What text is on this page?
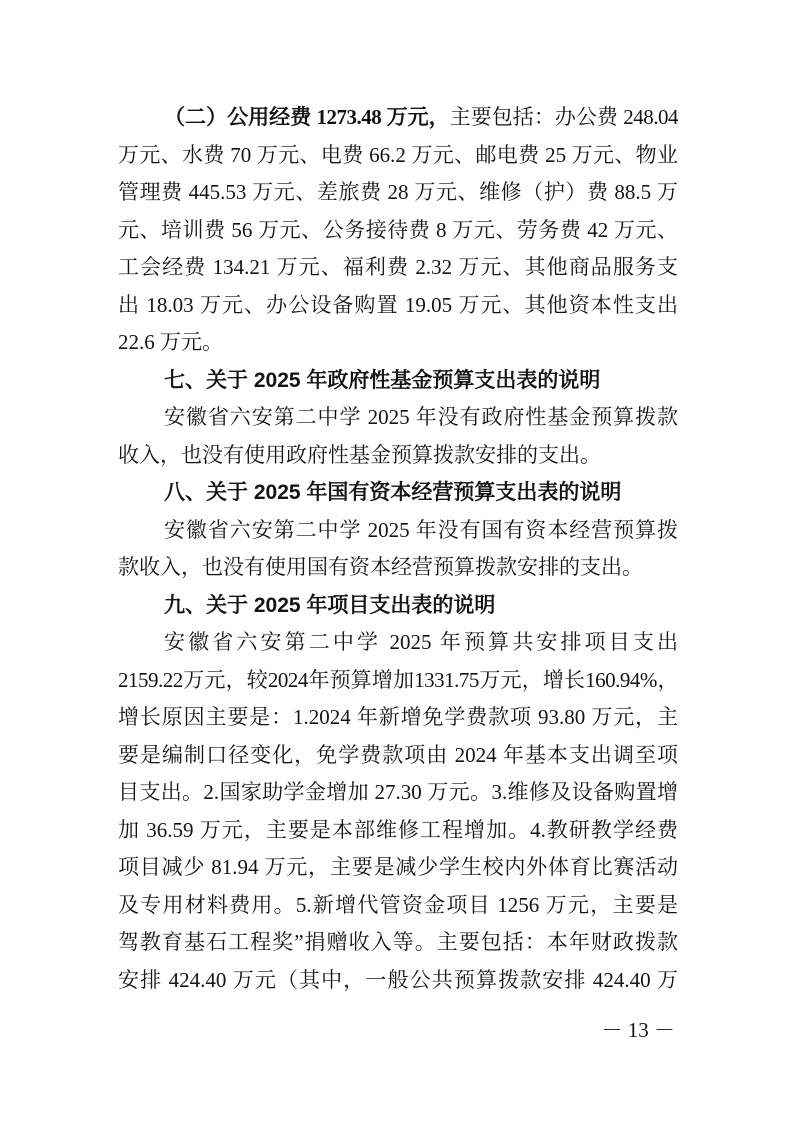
（二）公用经费 1273.48 万元，主要包括：办公费 248.04
万元、水费 70 万元、电费 66.2 万元、邮电费 25 万元、物业
管理费 445.53 万元、差旅费 28 万元、维修（护）费 88.5 万
元、培训费 56 万元、公务接待费 8 万元、劳务费 42 万元、
工会经费 134.21 万元、福利费 2.32 万元、其他商品服务支
出 18.03 万元、办公设备购置 19.05 万元、其他资本性支出
22.6 万元。
七、关于 2025 年政府性基金预算支出表的说明
安徽省六安第二中学 2025 年没有政府性基金预算拨款
收入，也没有使用政府性基金预算拨款安排的支出。
八、关于 2025 年国有资本经营预算支出表的说明
安徽省六安第二中学 2025 年没有国有资本经营预算拨
款收入，也没有使用国有资本经营预算拨款安排的支出。
九、关于 2025 年项目支出表的说明
安徽省六安第二中学 2025 年预算共安排项目支出
2159.22万元，较2024年预算增加1331.75万元，增长160.94%，
增长原因主要是：1.2024 年新增免学费款项 93.80 万元，主
要是编制口径变化，免学费款项由 2024 年基本支出调至项
目支出。2.国家助学金增加 27.30 万元。3.维修及设备购置增
加 36.59 万元，主要是本部维修工程增加。4.教研教学经费
项目减少 81.94 万元，主要是减少学生校内外体育比赛活动
及专用材料费用。5.新增代管资金项目 1256 万元，主要是
驾教育基石工程奖”捐赠收入等。主要包括：本年财政拨款
安排 424.40 万元（其中，一般公共预算拨款安排 424.40 万
－ 13 －
